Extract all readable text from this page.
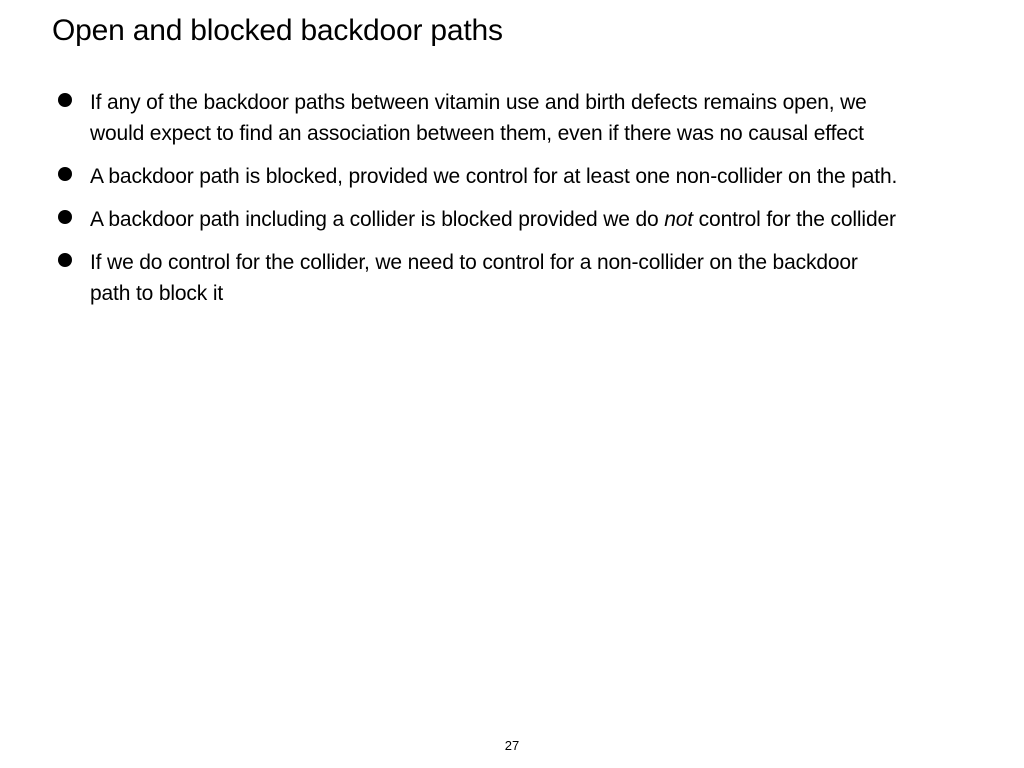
Open and blocked backdoor paths
If any of the backdoor paths between vitamin use and birth defects remains open, we would expect to find an association between them, even if there was no causal effect
A backdoor path is blocked, provided we control for at least one non-collider on the path.
A backdoor path including a collider is blocked provided we do not control for the collider
If we do control for the collider, we need to control for a non-collider on the backdoor path to block it
27
